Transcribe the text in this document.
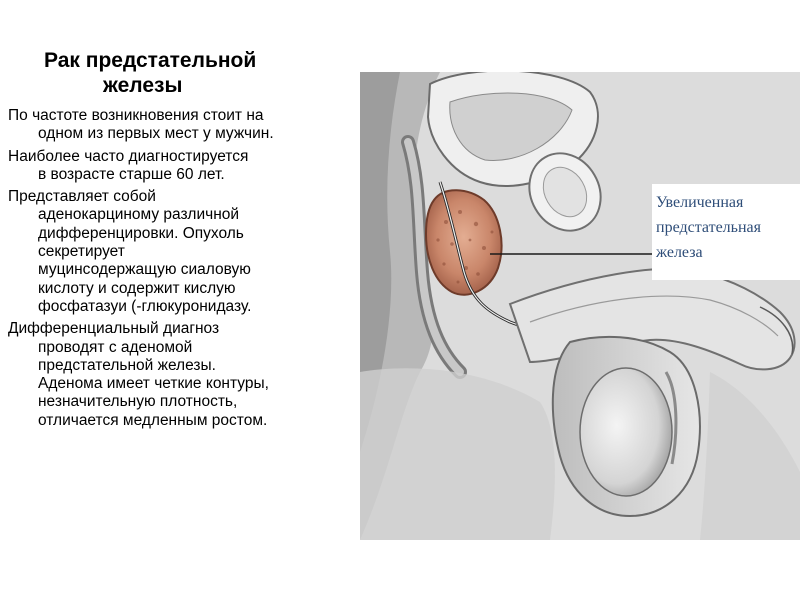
Рак предстательной
железы

По частоте возникновения стоит на
одном из первых мест у мужчин.

Наиболее часто диагностируется
в возрасте старше 60 лет.

Представляет собой
аденокарциному различной
дифференцировки. Опухоль
секретирует
муцинсодержащую сиаловую
кислоту и содержит кислую
фосфатазуи (-глюкуронидазу.

Дифференциальный диагноз
проводят с аденомой
предстательной железы.
Аденома имеет четкие контуры,
незначительную плотность,
отличается медленным ростом.

Увеличенная
предстательная
железа
